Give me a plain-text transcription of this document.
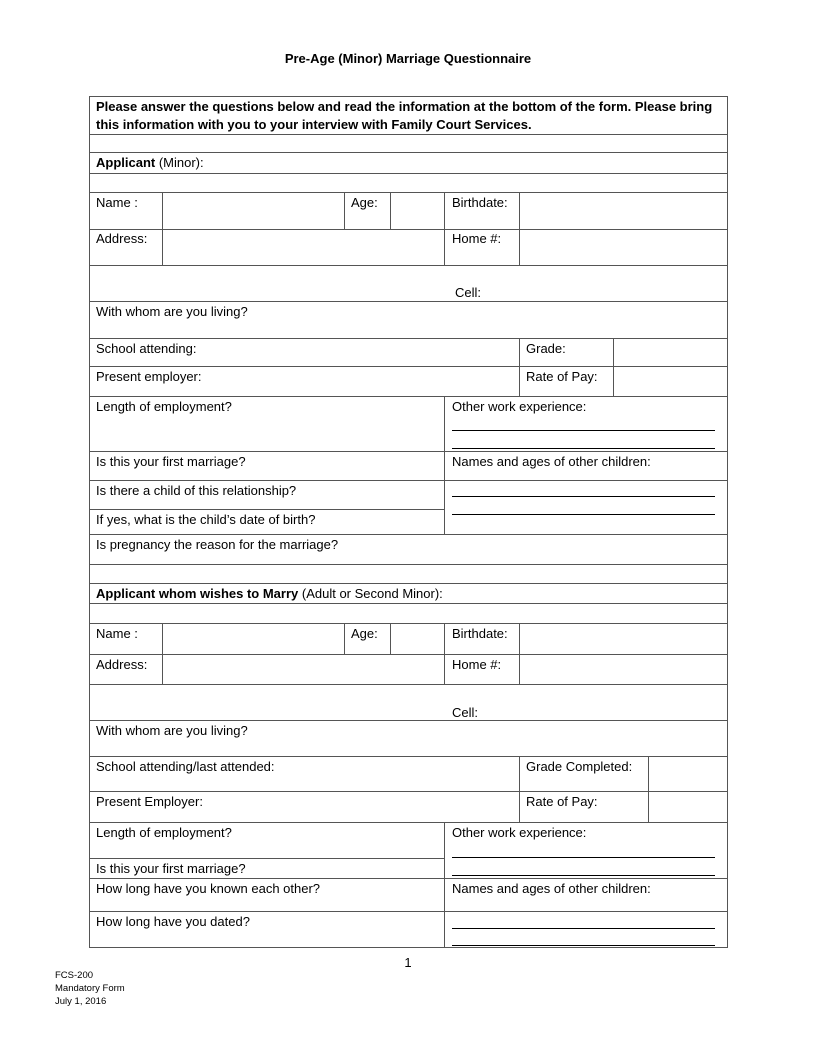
Pre-Age (Minor) Marriage Questionnaire
Please answer the questions below and read the information at the bottom of the form. Please bring
this information with you to your interview with Family Court Services.
Applicant (Minor):
Name :	Age:	Birthdate:
Address:	Home #:
Cell:
With whom are you living?
School attending:	Grade:
Present employer:	Rate of Pay:
Length of employment?	Other work experience:
Is this your first marriage?	Names and ages of other children:
Is there a child of this relationship?
If yes, what is the child’s date of birth?
Is pregnancy the reason for the marriage?
Applicant whom wishes to Marry (Adult or Second Minor):
Name :	Age:	Birthdate:
Address:	Home #:
Cell:
With whom are you living?
School attending/last attended:	Grade Completed:
Present Employer:	Rate of Pay:
Length of employment?	Other work experience:
Is this your first marriage?
How long have you known each other?	Names and ages of other children:
How long have you dated?
1
FCS-200
Mandatory Form
July 1, 2016
